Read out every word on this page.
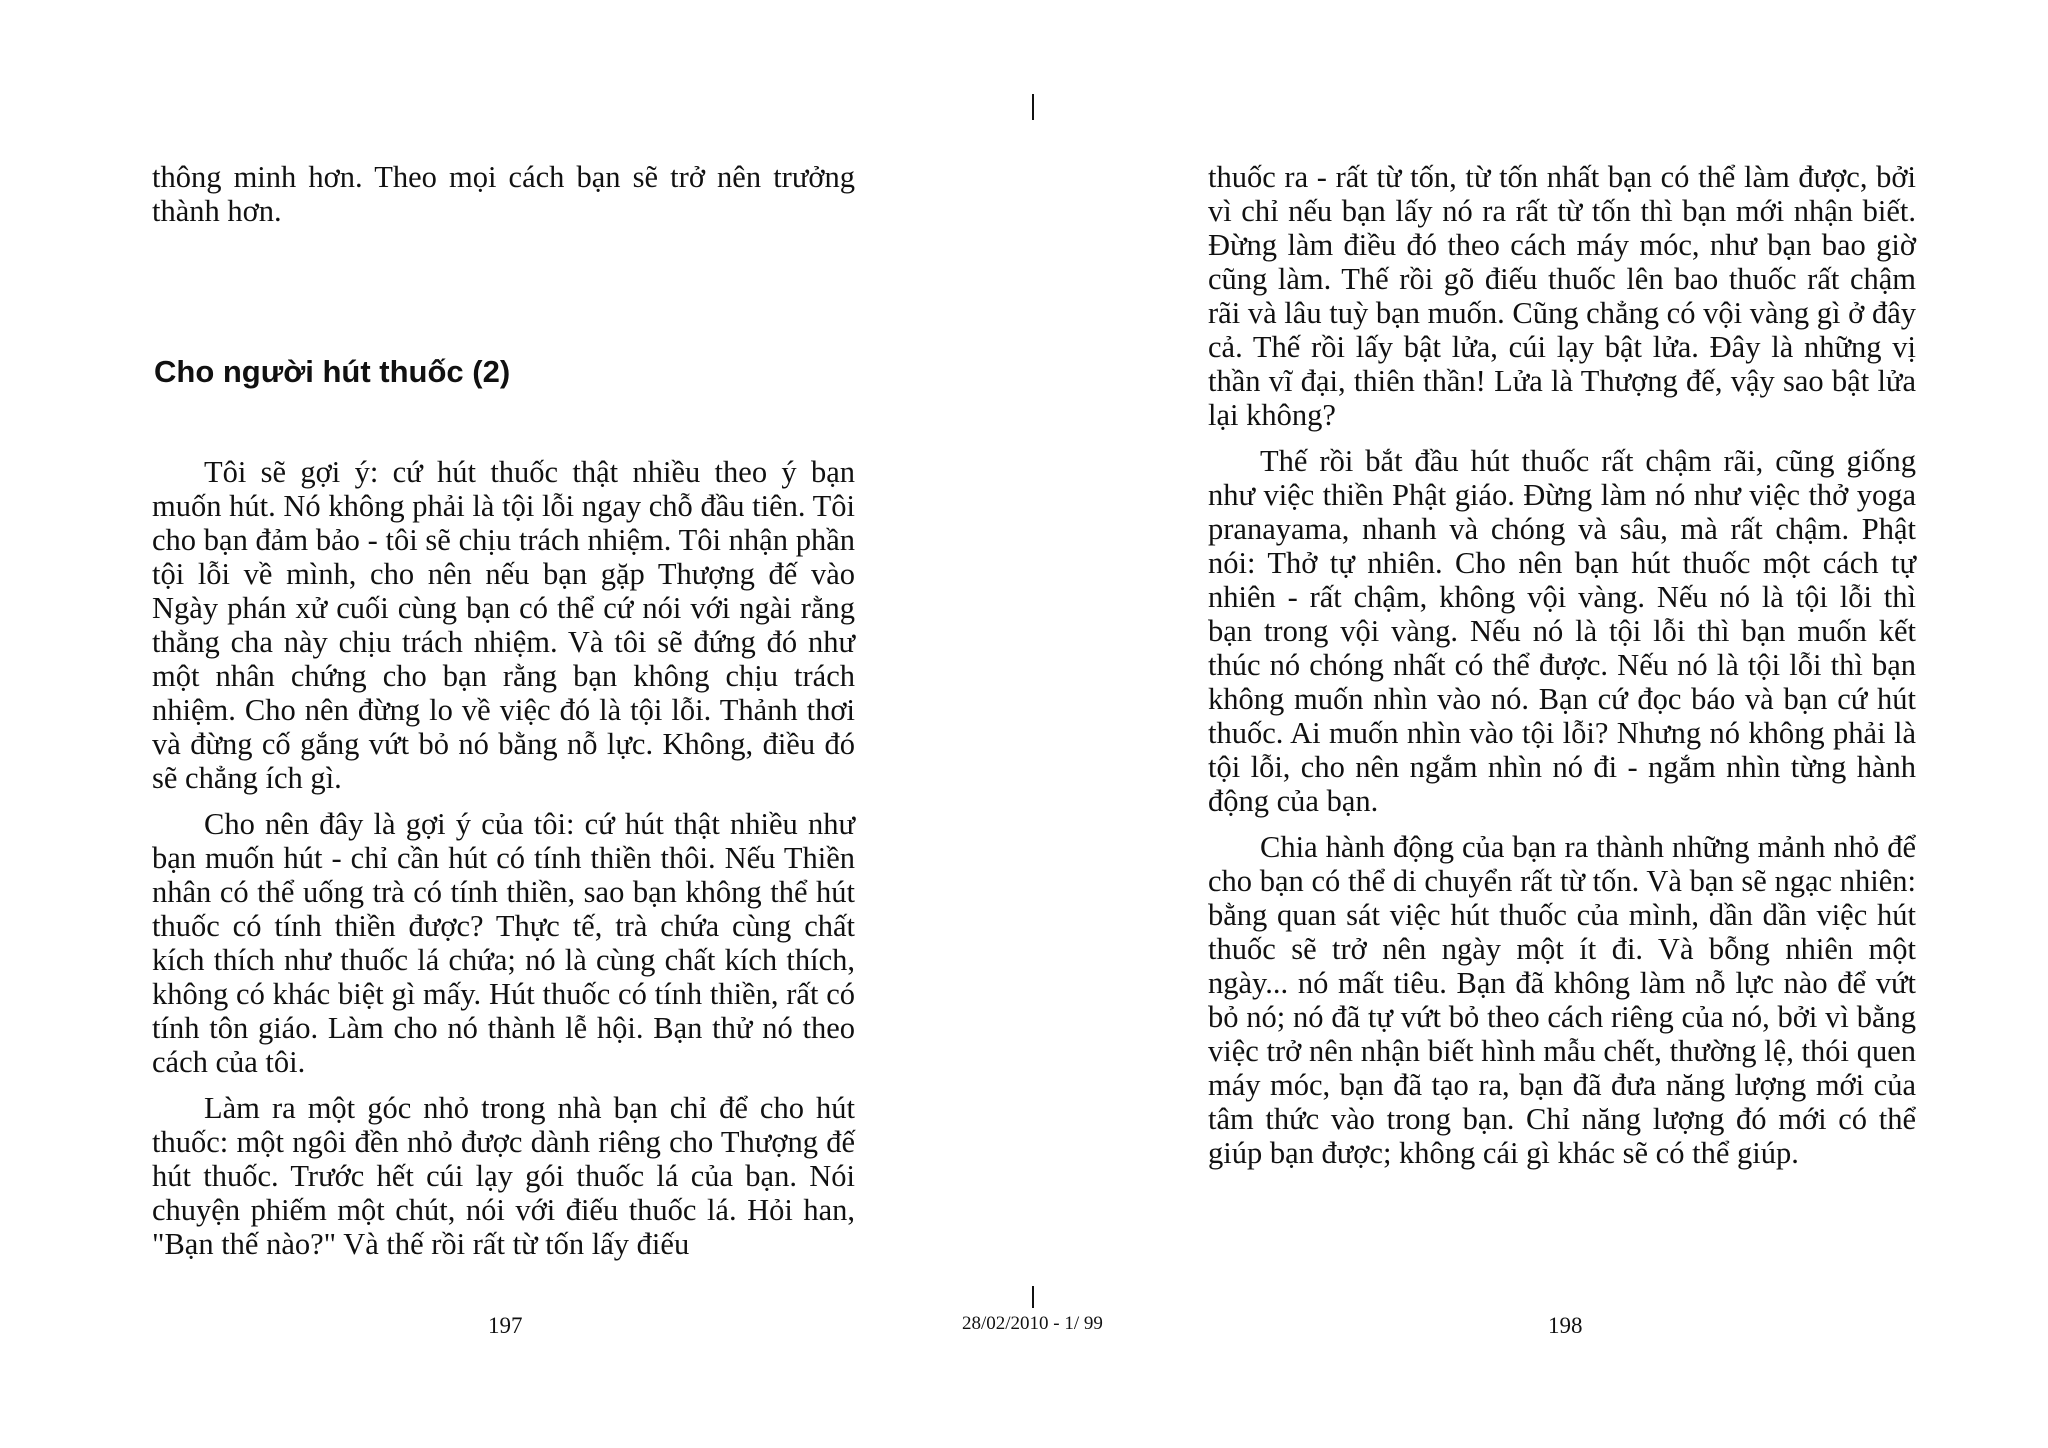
thông minh hơn. Theo mọi cách bạn sẽ trở nên trưởng thành hơn.

Cho người hút thuốc (2)

Tôi sẽ gợi ý: cứ hút thuốc thật nhiều theo ý bạn muốn hút. Nó không phải là tội lỗi ngay chỗ đầu tiên. Tôi cho bạn đảm bảo - tôi sẽ chịu trách nhiệm. Tôi nhận phần tội lỗi về mình, cho nên nếu bạn gặp Thượng đế vào Ngày phán xử cuối cùng bạn có thể cứ nói với ngài rằng thằng cha này chịu trách nhiệm. Và tôi sẽ đứng đó như một nhân chứng cho bạn rằng bạn không chịu trách nhiệm. Cho nên đừng lo về việc đó là tội lỗi. Thảnh thơi và đừng cố gắng vứt bỏ nó bằng nỗ lực. Không, điều đó sẽ chẳng ích gì.

Cho nên đây là gợi ý của tôi: cứ hút thật nhiều như bạn muốn hút - chỉ cần hút có tính thiền thôi. Nếu Thiền nhân có thể uống trà có tính thiền, sao bạn không thể hút thuốc có tính thiền được? Thực tế, trà chứa cùng chất kích thích như thuốc lá chứa; nó là cùng chất kích thích, không có khác biệt gì mấy. Hút thuốc có tính thiền, rất có tính tôn giáo. Làm cho nó thành lễ hội. Bạn thử nó theo cách của tôi.

Làm ra một góc nhỏ trong nhà bạn chỉ để cho hút thuốc: một ngôi đền nhỏ được dành riêng cho Thượng đế hút thuốc. Trước hết cúi lạy gói thuốc lá của bạn. Nói chuyện phiếm một chút, nói với điếu thuốc lá. Hỏi han, "Bạn thế nào?" Và thế rồi rất từ tốn lấy điếu

thuốc ra - rất từ tốn, từ tốn nhất bạn có thể làm được, bởi vì chỉ nếu bạn lấy nó ra rất từ tốn thì bạn mới nhận biết. Đừng làm điều đó theo cách máy móc, như bạn bao giờ cũng làm. Thế rồi gõ điếu thuốc lên bao thuốc rất chậm rãi và lâu tuỳ bạn muốn. Cũng chẳng có vội vàng gì ở đây cả. Thế rồi lấy bật lửa, cúi lạy bật lửa. Đây là những vị thần vĩ đại, thiên thần! Lửa là Thượng đế, vậy sao bật lửa lại không?

Thế rồi bắt đầu hút thuốc rất chậm rãi, cũng giống như việc thiền Phật giáo. Đừng làm nó như việc thở yoga pranayama, nhanh và chóng và sâu, mà rất chậm. Phật nói: Thở tự nhiên. Cho nên bạn hút thuốc một cách tự nhiên - rất chậm, không vội vàng. Nếu nó là tội lỗi thì bạn trong vội vàng. Nếu nó là tội lỗi thì bạn muốn kết thúc nó chóng nhất có thể được. Nếu nó là tội lỗi thì bạn không muốn nhìn vào nó. Bạn cứ đọc báo và bạn cứ hút thuốc. Ai muốn nhìn vào tội lỗi? Nhưng nó không phải là tội lỗi, cho nên ngắm nhìn nó đi - ngắm nhìn từng hành động của bạn.

Chia hành động của bạn ra thành những mảnh nhỏ để cho bạn có thể di chuyển rất từ tốn. Và bạn sẽ ngạc nhiên: bằng quan sát việc hút thuốc của mình, dần dần việc hút thuốc sẽ trở nên ngày một ít đi. Và bỗng nhiên một ngày... nó mất tiêu. Bạn đã không làm nỗ lực nào để vứt bỏ nó; nó đã tự vứt bỏ theo cách riêng của nó, bởi vì bằng việc trở nên nhận biết hình mẫu chết, thường lệ, thói quen máy móc, bạn đã tạo ra, bạn đã đưa năng lượng mới của tâm thức vào trong bạn. Chỉ năng lượng đó mới có thể giúp bạn được; không cái gì khác sẽ có thể giúp.

197	28/02/2010 - 1/ 99	198
